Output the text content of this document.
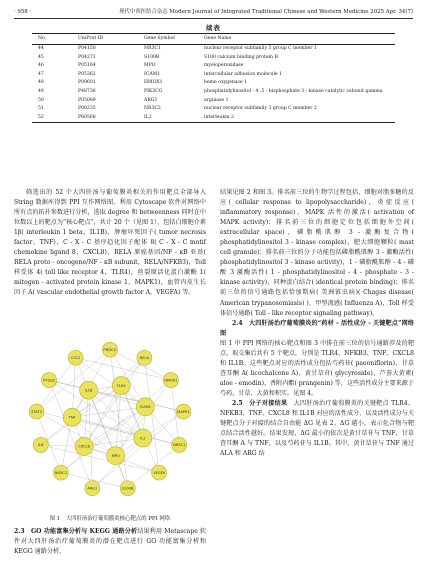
· 958 ·	现代中西医结合杂志 Modern Journal of Integrated Traditional Chinese and Western Medicine 2025 Apr. 34(7)
续表
No.	UniProt ID	Gene Symbol	Gene Name
44	P04150	NR3C1	nuclear receptor subfamily 3 group C member 1
45	P04271	S100B	S100 calcium binding protein B
46	P05164	MPO	myeloperoxidase
47	P05362	ICAM1	intercellular adhesion molecule 1
48	P09601	HMOX1	heme oxygenase 1
49	P48736	PIK3CG	phosphatidylinositol - 4 ,5 - bisphosphate 3 - kinase catalytic subunit gamma
50	P05089	ARG1	arginase 1
51	P08235	NR3C2	nuclear receptor subfamily 3 group C member 2
52	P60568	IL2	interleukin 2

筛选出的 52 个大四肝汤与葡萄膜炎相关的作用靶点全部导入 String 数据库得到 PPI 互作网络图。利用 Cytoscape 软件对网络中所有点的拓扑参数进行分析，选取 degree 和 betweenness 同时在中位数以上的靶点为“核心靶点”，共计 20 个（见图 1），包括白细胞介素 1β( interleukin 1 beta，IL1B)，肿瘤坏死因子( tumor necrosis factor，TNF)，C - X - C 基序趋化因子配体 8( C - X - C motif chemokine ligand 8，CXCL8)，RELA 原癌基因/NF - κB 亚基( RELA proto - oncogene/NF - κB subunit，RELA/NFKB3)，Toll 样受体 4( toll like receptor 4，TLR4)，丝裂原活化蛋白激酶 1( mitogen - activated protein kinase 1，MAPK1)，血管内皮生长因子 A( vascular endothelial growth factor A，VEGFA) 等。

TLR4
ICAM1
IL2
MPO
CXCL8
TNF
IL1B
PIK3CG
RELA
HMOX1
MAPK1
NR3C1
VEGFA
S100B
ARG1
NR3C2
IL6
STAT3
PTGS2
CCL2
图 1　大四肝汤治疗葡萄膜炎核心靶点的 PPI 网络

2.3　GO 功能富集分析与 KEGG 通路分析结果利用 Metascape 软件对大四肝汤治疗葡萄膜炎的潜在靶点进行 GO 功能富集分析和 KEGG 通路分析，

结果见图 2 和图 3。排名前三位的生物学过程包括，细胞对脂多糖的反应( cellular response to lipopolysaccharide)，炎症反应( inflammatory response)，MAPK 活性的激活( activation of MAPK activity)；排名前三位的细胞定位包括细胞外空间( extracellular space)，磷脂酰肌醇 3 - 激酶复合物( phosphatidylinositol 3 - kinase complex)，肥大细胞颗粒( mast cell granule)；排名前三位的分子功能包括磷脂酰肌醇 3 - 激酶活性( phosphatidylinositol 3 - kinase activity)，1 - 磷脂酰肌醇 - 4 - 磷酸 3 激酶活性( 1 - phosphatidylinositol - 4 - phosphate - 3 - kinase activity)，同种蛋白结合( identical protein binding)；排名前三位的信号通路包括恰加斯病( 美洲锥虫病)( Chagas disease( American trypanosomiasis) )，甲型流感( Influenza A)，Toll 样受体信号通路( Toll - like receptor signaling pathway)。

2.4　大四肝汤治疗葡萄膜炎的“药材 - 活性成分 - 关键靶点”网络图

图 1 中 PPI 网络的核心靶点和图 3 中排在前三位的信号通路涉及的靶点，取交集后共有 5 个靶点，分别是 TLR4、NFKB3、TNF、CXCL8 和 IL1B。这些靶点对应的活性成分包括芍药苷( paeoniflorin)、甘草查耳酮 A( licochalcone A)、黄甘草苷( glycyroside)、芦荟大黄素( aloe - emodin)、香附内酯( prangenin) 等，这些活性成分主要来源于芍药、甘草、大黄和枳实。见图 4。

2.5　分子对接结果　 大四肝汤治疗葡萄膜炎的关键靶点 TLR4、NFKB3、TNF、CXCL8 和 IL1B 对应的活性成分，以及活性成分与关键靶点分子对接的结合自由能 ΔG 见表 2。ΔG 越小，表示化合物与靶点结合活性越好。结果发现，ΔG 最小的依次是黄甘草苷与 TNF，甘草查耳酮 A 与 TNF，以及芍药苷与 IL1B。其中，黄甘草苷与 TNF 通过 ALA 和 ARG 结
